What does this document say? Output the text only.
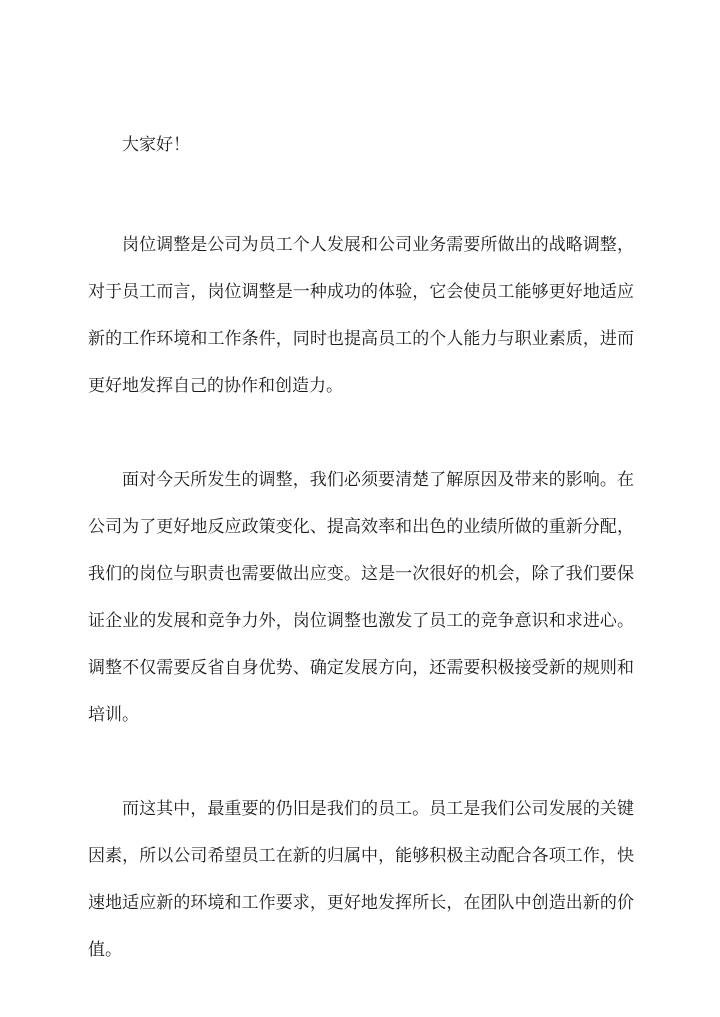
大家好！

岗位调整是公司为员工个人发展和公司业务需要所做出的战略调整，对于员工而言，岗位调整是一种成功的体验，它会使员工能够更好地适应新的工作环境和工作条件，同时也提高员工的个人能力与职业素质，进而更好地发挥自己的协作和创造力。

面对今天所发生的调整，我们必须要清楚了解原因及带来的影响。在公司为了更好地反应政策变化、提高效率和出色的业绩所做的重新分配，我们的岗位与职责也需要做出应变。这是一次很好的机会，除了我们要保证企业的发展和竞争力外，岗位调整也激发了员工的竞争意识和求进心。调整不仅需要反省自身优势、确定发展方向，还需要积极接受新的规则和培训。

而这其中，最重要的仍旧是我们的员工。员工是我们公司发展的关键因素，所以公司希望员工在新的归属中，能够积极主动配合各项工作，快速地适应新的环境和工作要求，更好地发挥所长，在团队中创造出新的价值。
